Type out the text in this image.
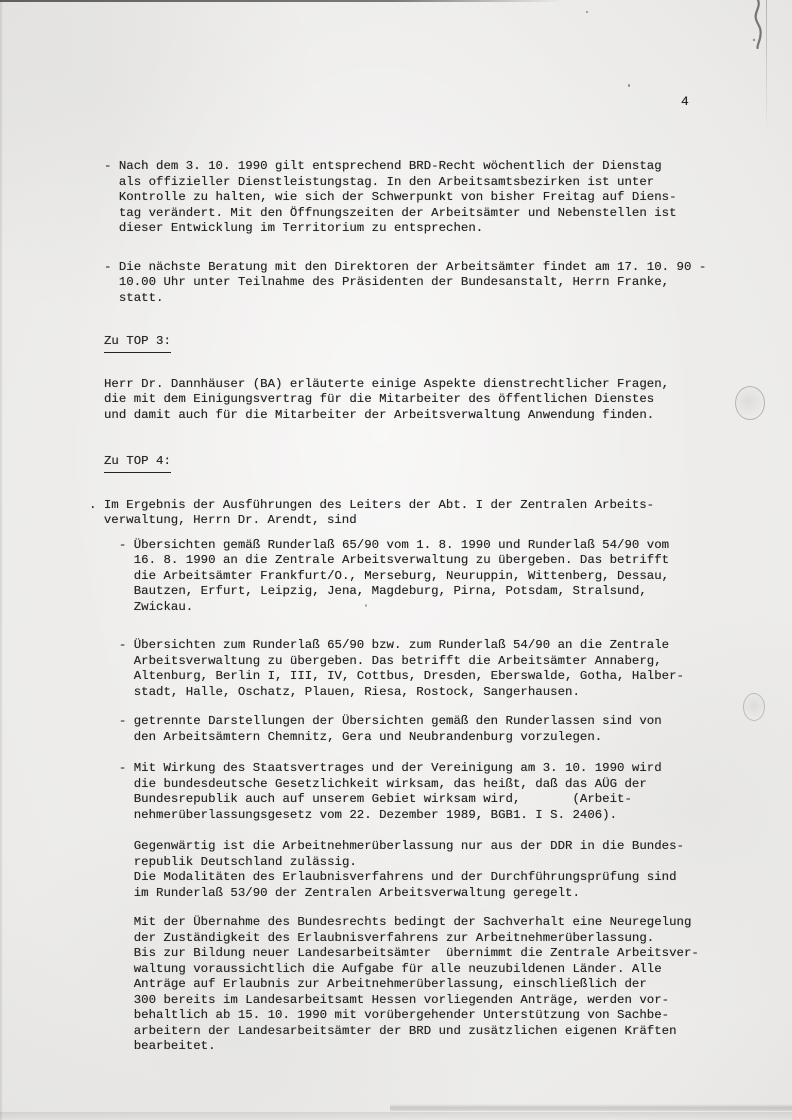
4
- Nach dem 3. 10. 1990 gilt entsprechend BRD-Recht wöchentlich der Dienstag
als offizieller Dienstleistungstag. In den Arbeitsamtsbezirken ist unter
Kontrolle zu halten, wie sich der Schwerpunkt von bisher Freitag auf Diens-
tag verändert. Mit den Öffnungszeiten der Arbeitsämter und Nebenstellen ist
dieser Entwicklung im Territorium zu entsprechen.
- Die nächste Beratung mit den Direktoren der Arbeitsämter findet am 17. 10. 90 -
10.00 Uhr unter Teilnahme des Präsidenten der Bundesanstalt, Herrn Franke,
statt.
Zu TOP 3:
Herr Dr. Dannhäuser (BA) erläuterte einige Aspekte dienstrechtlicher Fragen,
die mit dem Einigungsvertrag für die Mitarbeiter des öffentlichen Dienstes
und damit auch für die Mitarbeiter der Arbeitsverwaltung Anwendung finden.
Zu TOP 4:
. Im Ergebnis der Ausführungen des Leiters der Abt. I der Zentralen Arbeits-
verwaltung, Herrn Dr. Arendt, sind
- Übersichten gemäß Runderlaß 65/90 vom 1. 8. 1990 und Runderlaß 54/90 vom
16. 8. 1990 an die Zentrale Arbeitsverwaltung zu übergeben. Das betrifft
die Arbeitsämter Frankfurt/O., Merseburg, Neuruppin, Wittenberg, Dessau,
Bautzen, Erfurt, Leipzig, Jena, Magdeburg, Pirna, Potsdam, Stralsund,
Zwickau.
- Übersichten zum Runderlaß 65/90 bzw. zum Runderlaß 54/90 an die Zentrale
Arbeitsverwaltung zu übergeben. Das betrifft die Arbeitsämter Annaberg,
Altenburg, Berlin I, III, IV, Cottbus, Dresden, Eberswalde, Gotha, Halber-
stadt, Halle, Oschatz, Plauen, Riesa, Rostock, Sangerhausen.
- getrennte Darstellungen der Übersichten gemäß den Runderlassen sind von
den Arbeitsämtern Chemnitz, Gera und Neubrandenburg vorzulegen.
- Mit Wirkung des Staatsvertrages und der Vereinigung am 3. 10. 1990 wird
die bundesdeutsche Gesetzlichkeit wirksam, das heißt, daß das AÜG der
Bundesrepublik auch auf unserem Gebiet wirksam wird,       (Arbeit-
nehmerüberlassungsgesetz vom 22. Dezember 1989, BGB1. I S. 2406).
Gegenwärtig ist die Arbeitnehmerüberlassung nur aus der DDR in die Bundes-
republik Deutschland zulässig.
Die Modalitäten des Erlaubnisverfahrens und der Durchführungsprüfung sind
im Runderlaß 53/90 der Zentralen Arbeitsverwaltung geregelt.
Mit der Übernahme des Bundesrechts bedingt der Sachverhalt eine Neuregelung
der Zuständigkeit des Erlaubnisverfahrens zur Arbeitnehmerüberlassung.
Bis zur Bildung neuer Landesarbeitsämter  übernimmt die Zentrale Arbeitsver-
waltung voraussichtlich die Aufgabe für alle neuzubildenen Länder. Alle
Anträge auf Erlaubnis zur Arbeitnehmerüberlassung, einschließlich der
300 bereits im Landesarbeitsamt Hessen vorliegenden Anträge, werden vor-
behaltlich ab 15. 10. 1990 mit vorübergehender Unterstützung von Sachbe-
arbeitern der Landesarbeitsämter der BRD und zusätzlichen eigenen Kräften
bearbeitet.
